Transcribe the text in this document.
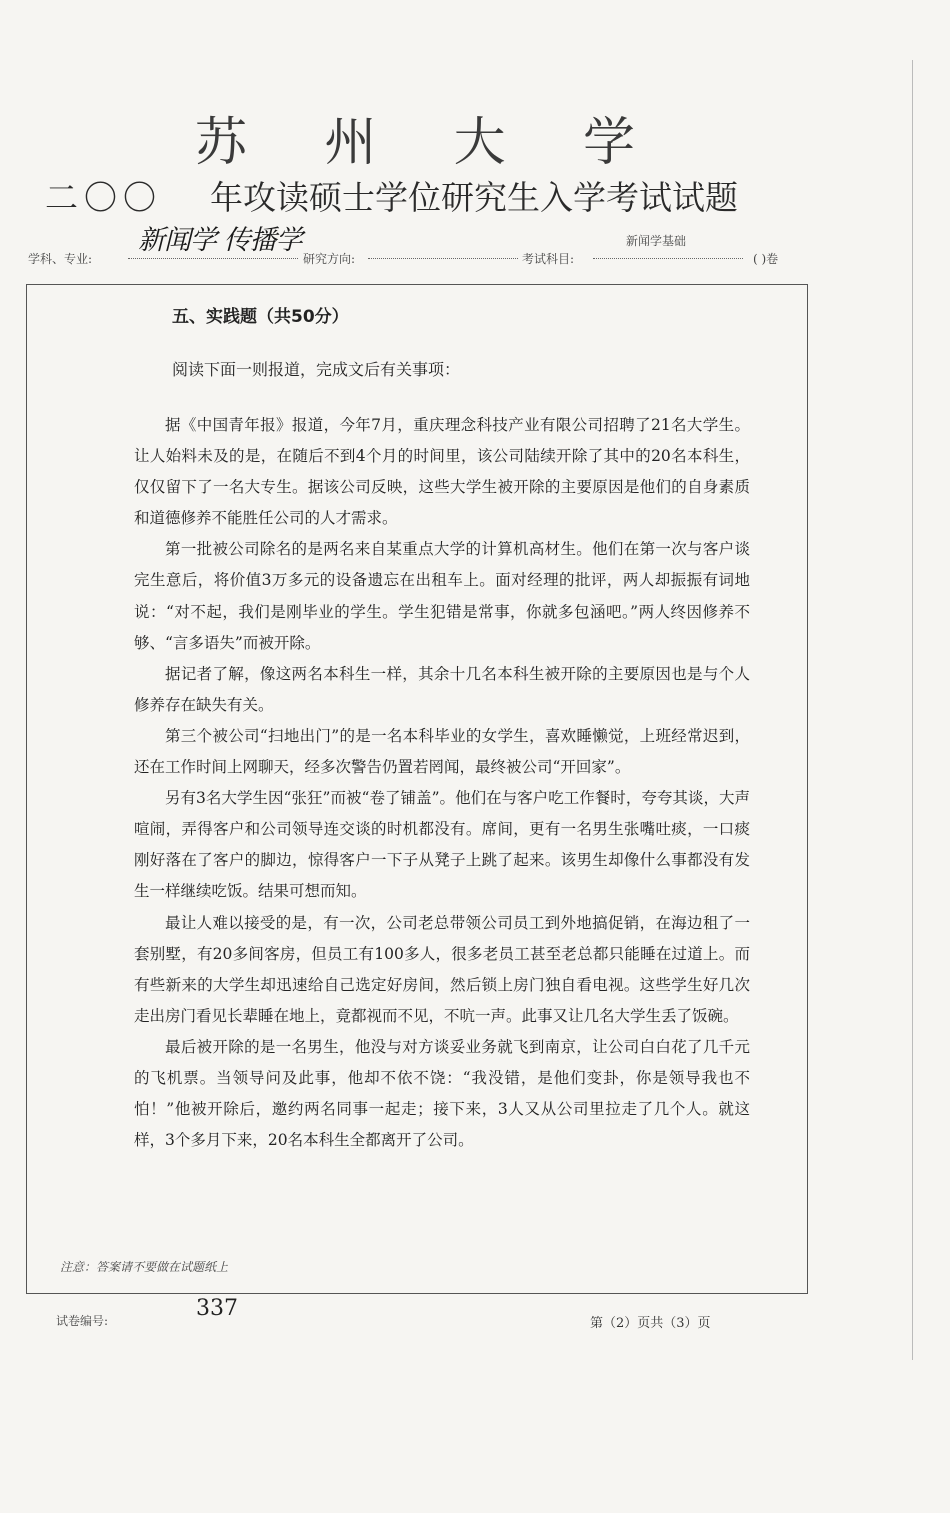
苏 州 大 学
二〇〇 年攻读硕士学位研究生入学考试试题
学科、专业:
新闻学 传播学
研究方向:	考试科目:
新闻学基础
( )卷
五、实践题（共50分）
阅读下面一则报道，完成文后有关事项：

据《中国青年报》报道，今年7月，重庆理念科技产业有限公司招聘了21名大学生。让人始料未及的是，在随后不到4个月的时间里，该公司陆续开除了其中的20名本科生，仅仅留下了一名大专生。据该公司反映，这些大学生被开除的主要原因是他们的自身素质和道德修养不能胜任公司的人才需求。

第一批被公司除名的是两名来自某重点大学的计算机高材生。他们在第一次与客户谈完生意后，将价值3万多元的设备遗忘在出租车上。面对经理的批评，两人却振振有词地说：“对不起，我们是刚毕业的学生。学生犯错是常事，你就多包涵吧。”两人终因修养不够、“言多语失”而被开除。

据记者了解，像这两名本科生一样，其余十几名本科生被开除的主要原因也是与个人修养存在缺失有关。

第三个被公司“扫地出门”的是一名本科毕业的女学生，喜欢睡懒觉，上班经常迟到，还在工作时间上网聊天，经多次警告仍置若罔闻，最终被公司“开回家”。

另有3名大学生因“张狂”而被“卷了铺盖”。他们在与客户吃工作餐时，夸夸其谈，大声喧闹，弄得客户和公司领导连交谈的时机都没有。席间，更有一名男生张嘴吐痰，一口痰刚好落在了客户的脚边，惊得客户一下子从凳子上跳了起来。该男生却像什么事都没有发生一样继续吃饭。结果可想而知。

最让人难以接受的是，有一次，公司老总带领公司员工到外地搞促销，在海边租了一套别墅，有20多间客房，但员工有100多人，很多老员工甚至老总都只能睡在过道上。而有些新来的大学生却迅速给自己选定好房间，然后锁上房门独自看电视。这些学生好几次走出房门看见长辈睡在地上，竟都视而不见，不吭一声。此事又让几名大学生丢了饭碗。

最后被开除的是一名男生，他没与对方谈妥业务就飞到南京，让公司白白花了几千元的飞机票。当领导问及此事，他却不依不饶：“我没错，是他们变卦，你是领导我也不怕！”他被开除后，邀约两名同事一起走；接下来，3人又从公司里拉走了几个人。就这样，3个多月下来，20名本科生全都离开了公司。

注意：答案请不要做在试题纸上
试卷编号:	337
第（2）页共（3）页
